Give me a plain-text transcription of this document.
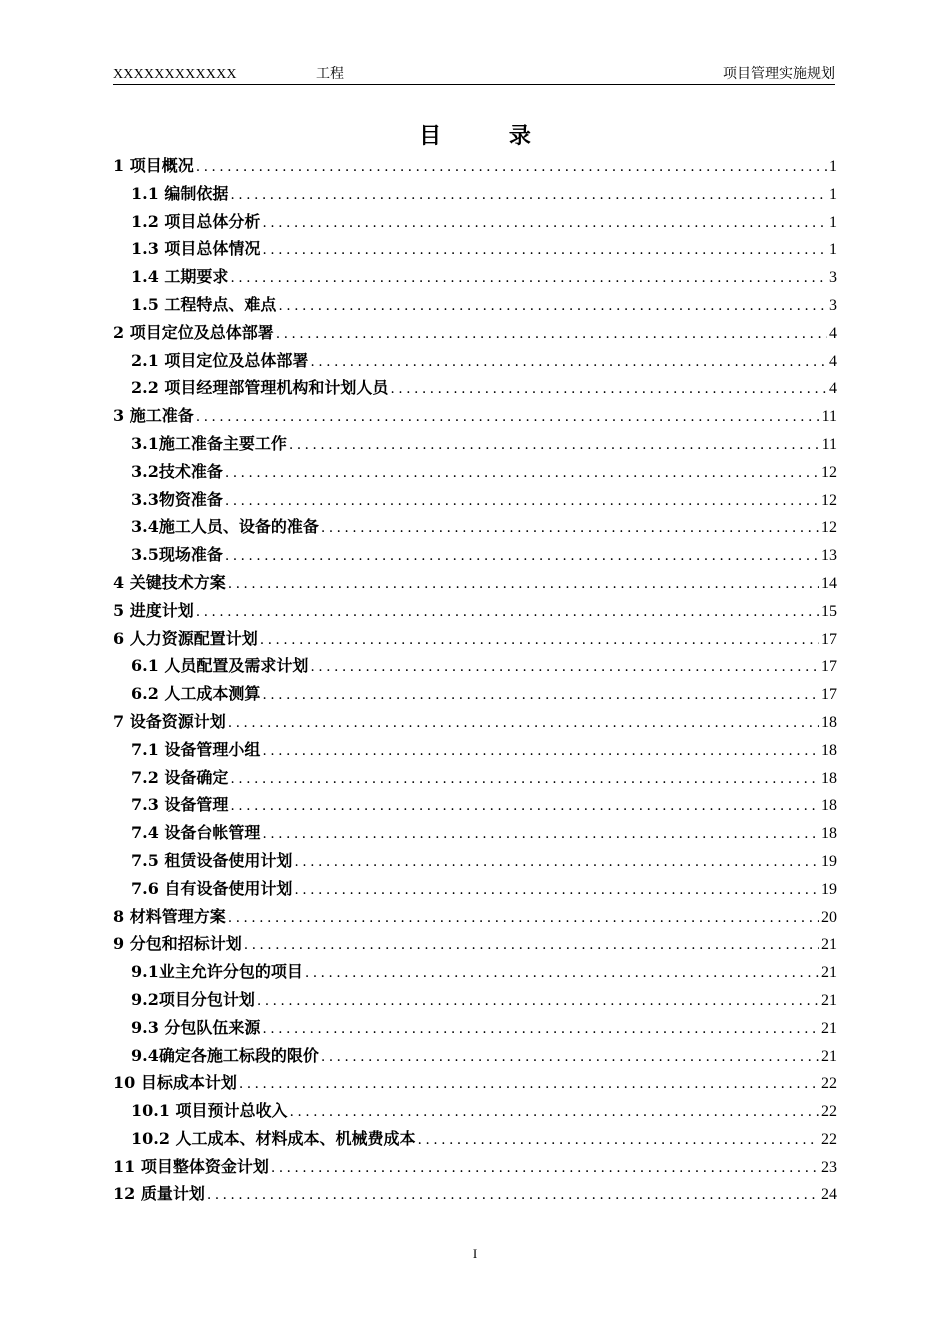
XXXXXXXXXXXX	工程	项目管理实施规划
目 录
1 项目概况 .....	1
1.1 编制依据 .....	1
1.2 项目总体分析 .....	1
1.3 项目总体情况 .....	1
1.4 工期要求 .....	3
1.5 工程特点、难点 .....	3
2 项目定位及总体部署 .....	4
2.1 项目定位及总体部署 .....	4
2.2 项目经理部管理机构和计划人员 .....	4
3 施工准备 .....	11
3.1施工准备主要工作 .....	11
3.2技术准备 .....	12
3.3物资准备 .....	12
3.4施工人员、设备的准备 .....	12
3.5现场准备 .....	13
4 关键技术方案 .....	14
5 进度计划 .....	15
6 人力资源配置计划 .....	17
6.1 人员配置及需求计划 .....	17
6.2 人工成本测算 .....	17
7 设备资源计划 .....	18
7.1 设备管理小组 .....	18
7.2 设备确定 .....	18
7.3 设备管理 .....	18
7.4 设备台帐管理 .....	18
7.5 租赁设备使用计划 .....	19
7.6 自有设备使用计划 .....	19
8 材料管理方案 .....	20
9 分包和招标计划 .....	21
9.1业主允许分包的项目 .....	21
9.2项目分包计划 .....	21
9.3 分包队伍来源 .....	21
9.4确定各施工标段的限价 .....	21
10 目标成本计划 .....	22
10.1 项目预计总收入 .....	22
10.2 人工成本、材料成本、机械费成本 .....	22
11 项目整体资金计划 .....	23
12 质量计划 .....	24
I
